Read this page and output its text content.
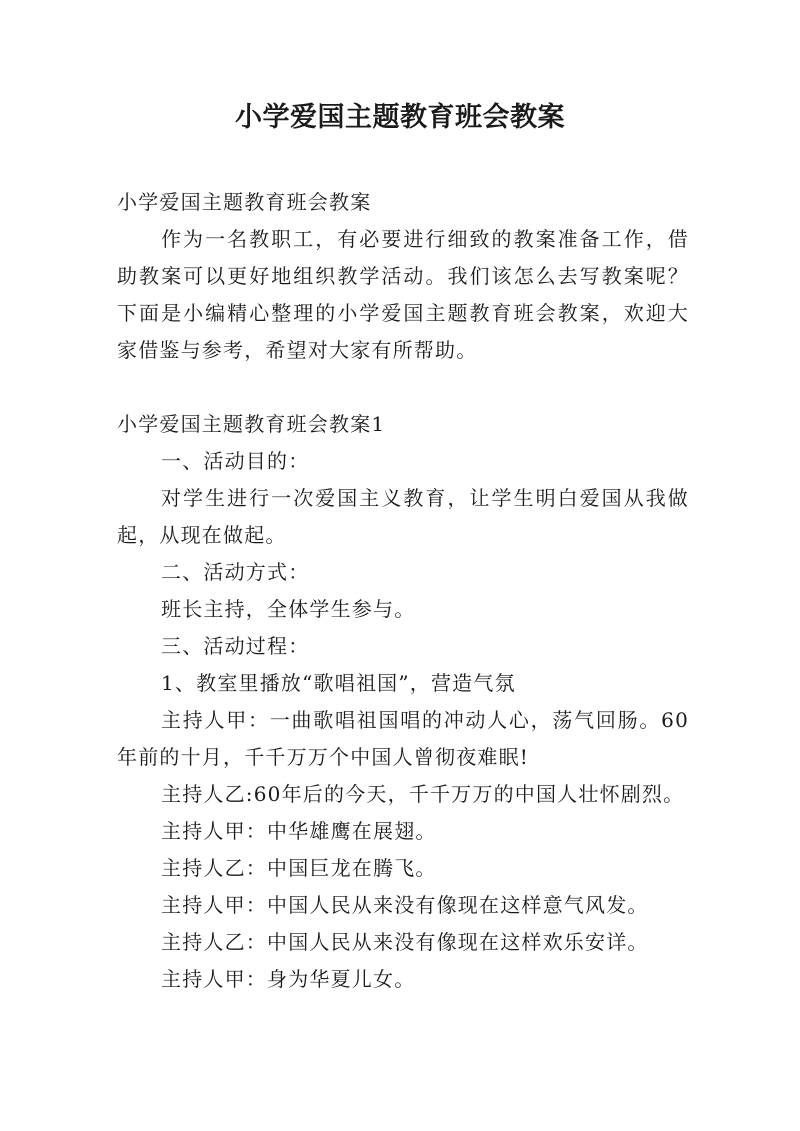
小学爱国主题教育班会教案

小学爱国主题教育班会教案

作为一名教职工，有必要进行细致的教案准备工作，借助教案可以更好地组织教学活动。我们该怎么去写教案呢？下面是小编精心整理的小学爱国主题教育班会教案，欢迎大家借鉴与参考，希望对大家有所帮助。

小学爱国主题教育班会教案1

一、活动目的：

对学生进行一次爱国主义教育，让学生明白爱国从我做起，从现在做起。

二、活动方式：

班长主持，全体学生参与。

三、活动过程：

1、教室里播放“歌唱祖国”，营造气氛

主持人甲：一曲歌唱祖国唱的冲动人心，荡气回肠。60年前的十月，千千万万个中国人曾彻夜难眠!

主持人乙:60年后的今天，千千万万的中国人壮怀剧烈。

主持人甲：中华雄鹰在展翅。

主持人乙：中国巨龙在腾飞。

主持人甲：中国人民从来没有像现在这样意气风发。

主持人乙：中国人民从来没有像现在这样欢乐安详。

主持人甲：身为华夏儿女。
